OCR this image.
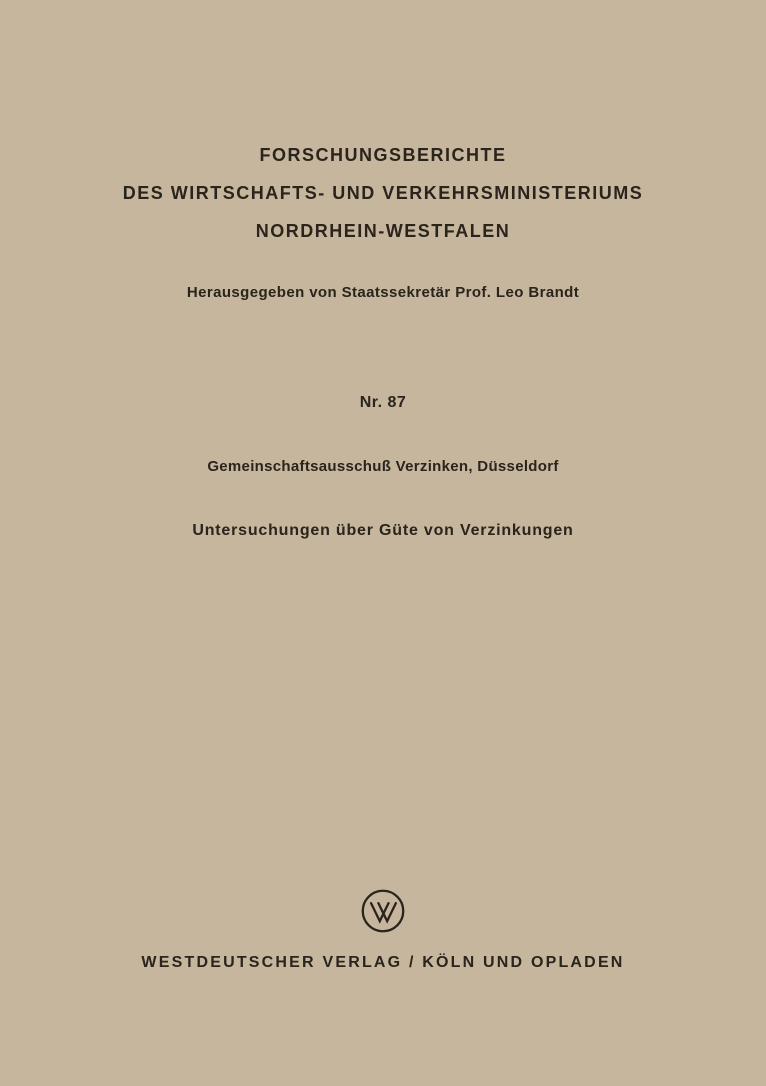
FORSCHUNGSBERICHTE
DES WIRTSCHAFTS- UND VERKEHRSMINISTERIUMS
NORDRHEIN-WESTFALEN
Herausgegeben von Staatssekretär Prof. Leo Brandt
Nr. 87
Gemeinschaftsausschuß Verzinken, Düsseldorf
Untersuchungen über Güte von Verzinkungen
WESTDEUTSCHER VERLAG / KÖLN UND OPLADEN
